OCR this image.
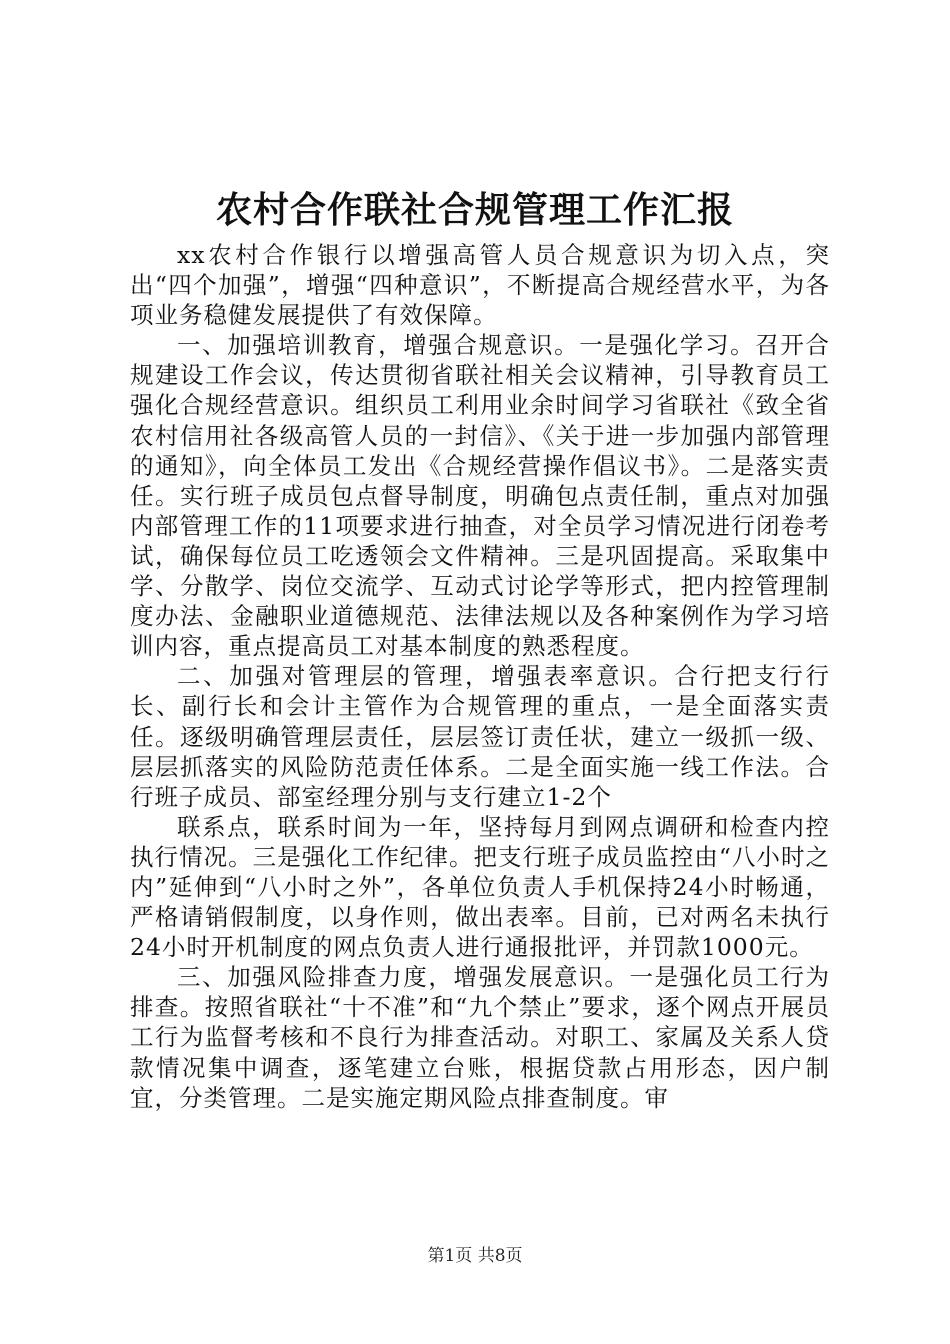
农村合作联社合规管理工作汇报

xx农村合作银行以增强高管人员合规意识为切入点，突出“四个加强”，增强“四种意识”，不断提高合规经营水平，为各项业务稳健发展提供了有效保障。

一、加强培训教育，增强合规意识。一是强化学习。召开合规建设工作会议，传达贯彻省联社相关会议精神，引导教育员工强化合规经营意识。组织员工利用业余时间学习省联社《致全省农村信用社各级高管人员的一封信》、《关于进一步加强内部管理的通知》，向全体员工发出《合规经营操作倡议书》。二是落实责任。实行班子成员包点督导制度，明确包点责任制，重点对加强内部管理工作的11项要求进行抽查，对全员学习情况进行闭卷考试，确保每位员工吃透领会文件精神。三是巩固提高。采取集中学、分散学、岗位交流学、互动式讨论学等形式，把内控管理制度办法、金融职业道德规范、法律法规以及各种案例作为学习培训内容，重点提高员工对基本制度的熟悉程度。

二、加强对管理层的管理，增强表率意识。合行把支行行长、副行长和会计主管作为合规管理的重点，一是全面落实责任。逐级明确管理层责任，层层签订责任状，建立一级抓一级、层层抓落实的风险防范责任体系。二是全面实施一线工作法。合行班子成员、部室经理分别与支行建立1-2个

联系点，联系时间为一年，坚持每月到网点调研和检查内控执行情况。三是强化工作纪律。把支行班子成员监控由“八小时之内”延伸到“八小时之外”，各单位负责人手机保持24小时畅通，严格请销假制度，以身作则，做出表率。目前，已对两名未执行24小时开机制度的网点负责人进行通报批评，并罚款1000元。

三、加强风险排查力度，增强发展意识。一是强化员工行为排查。按照省联社“十不准”和“九个禁止”要求，逐个网点开展员工行为监督考核和不良行为排查活动。对职工、家属及关系人贷款情况集中调查，逐笔建立台账，根据贷款占用形态，因户制宜，分类管理。二是实施定期风险点排查制度。审

第1页 共8页
